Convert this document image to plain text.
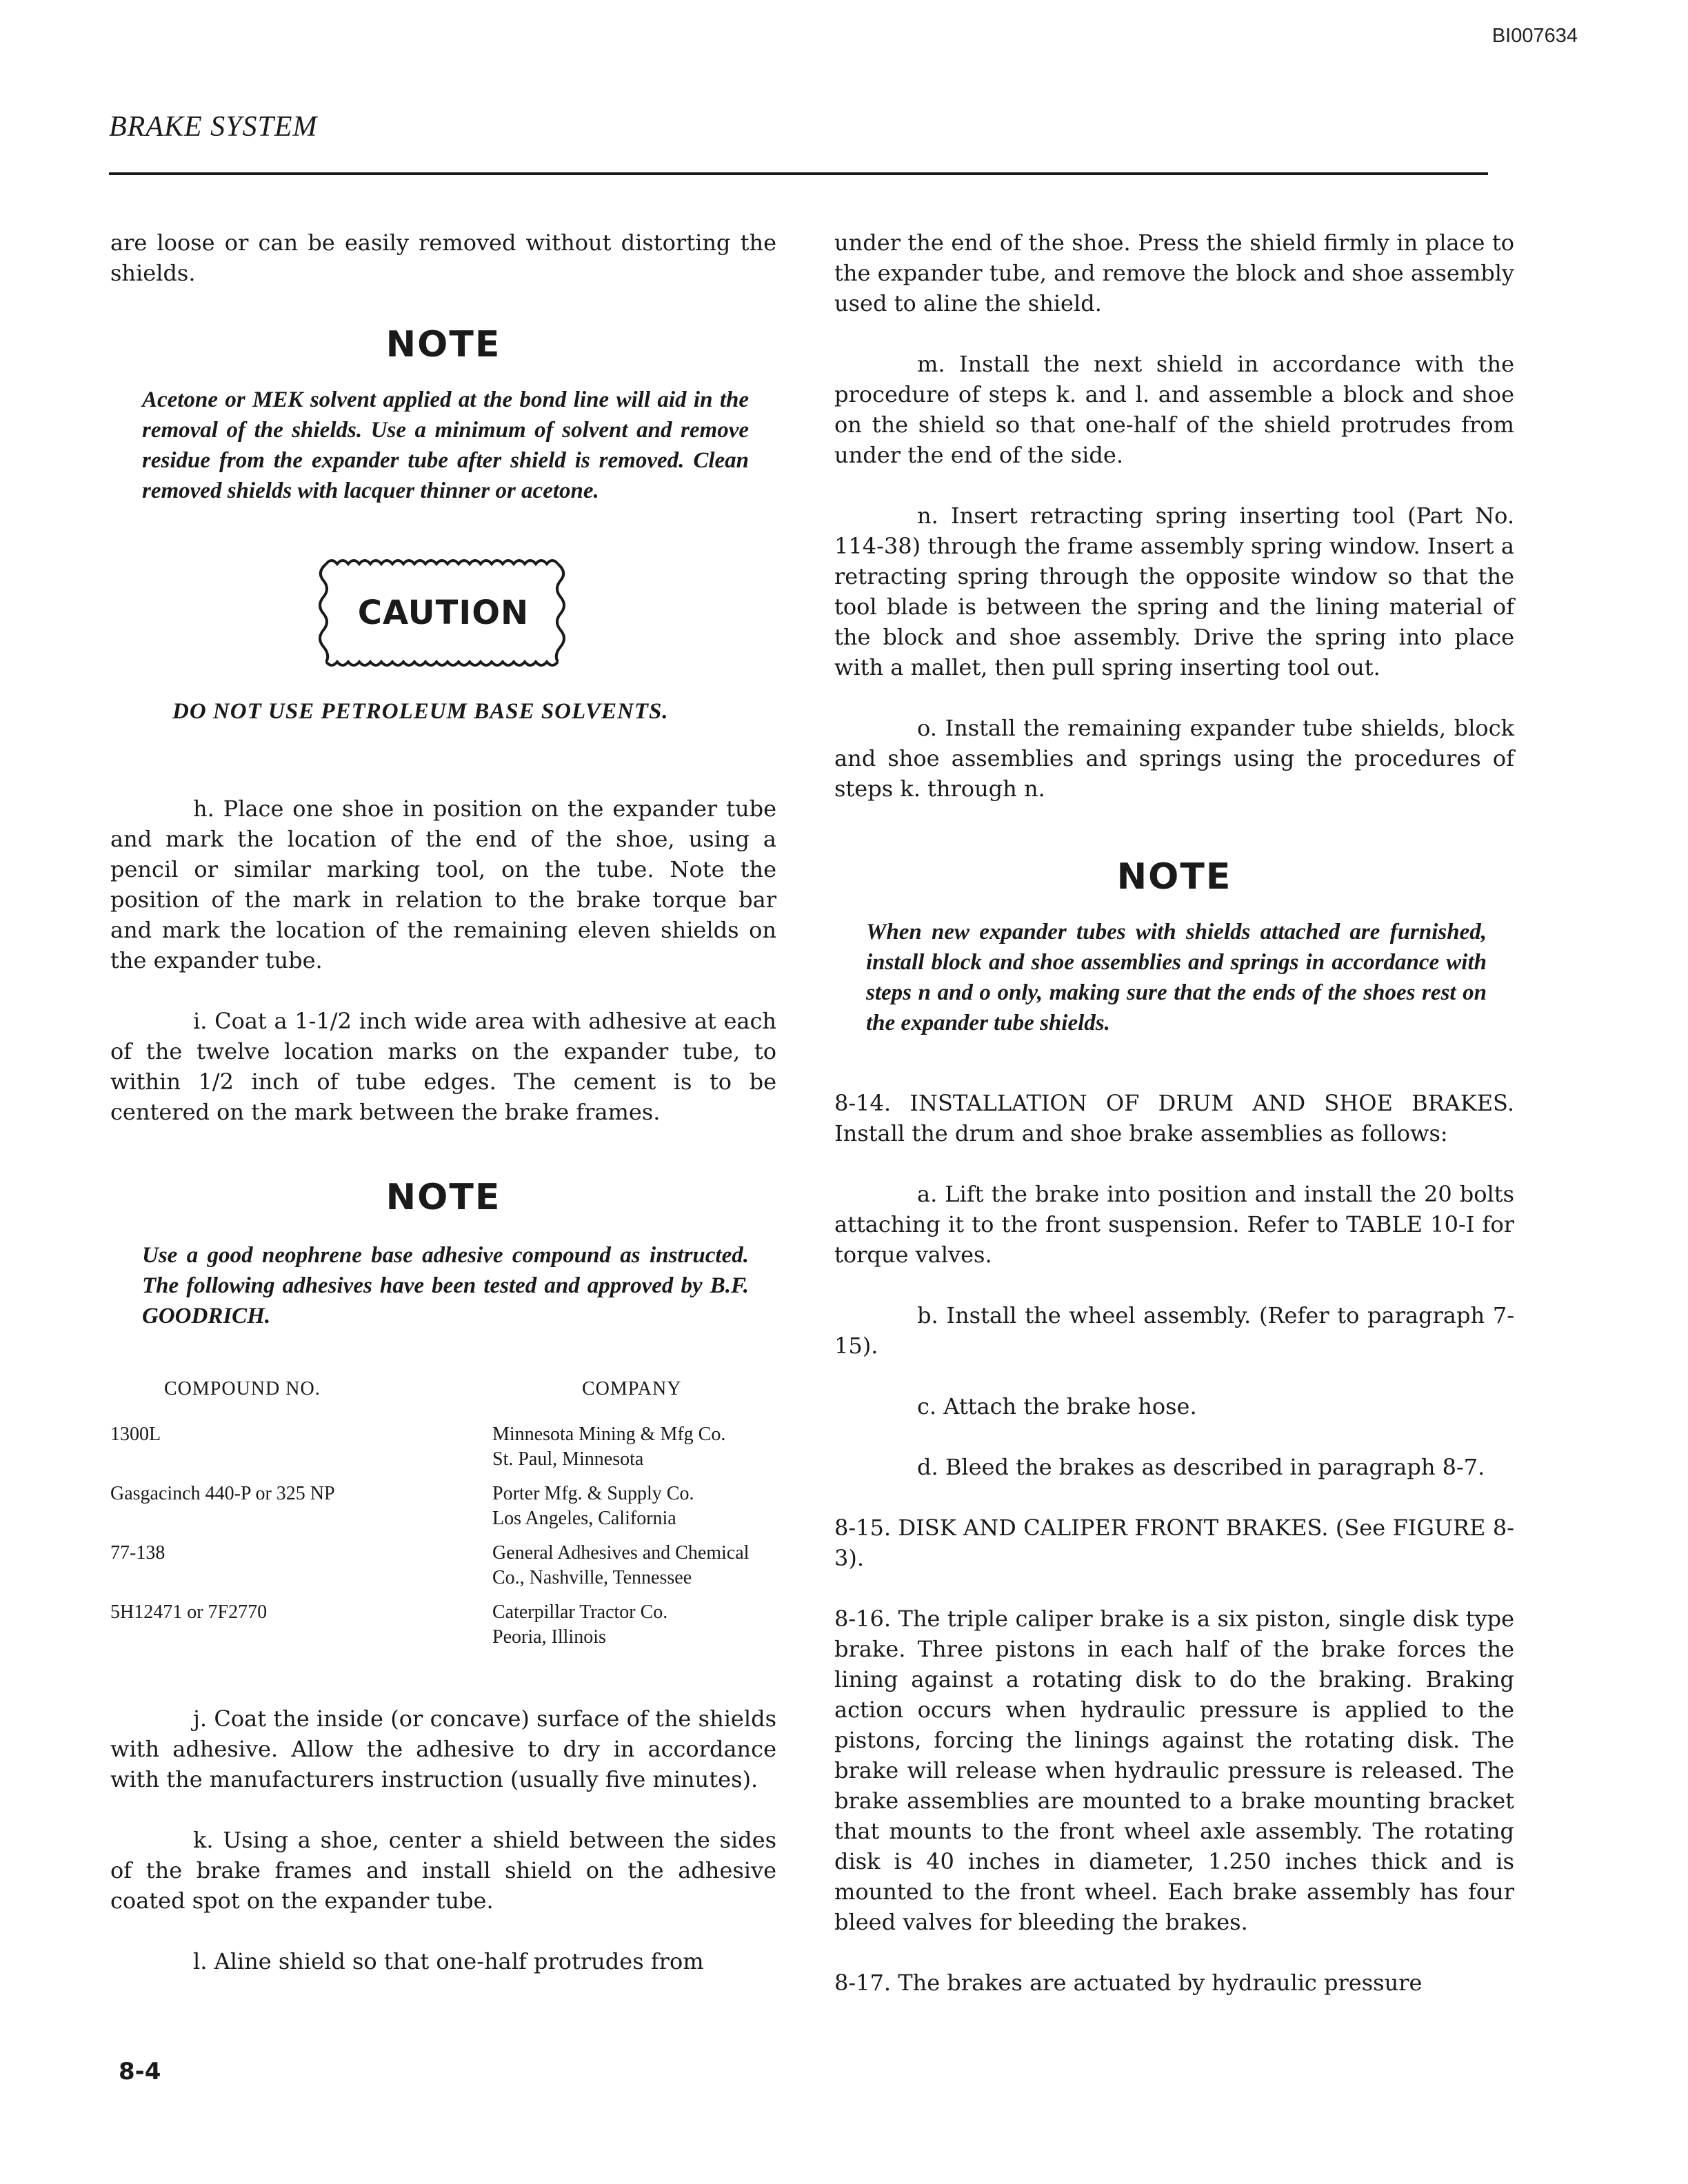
BI007634
BRAKE SYSTEM

are loose or can be easily removed without distorting the shields.

NOTE

Acetone or MEK solvent applied at the bond line will aid in the removal of the shields. Use a minimum of solvent and remove residue from the expander tube after shield is removed. Clean removed shields with lacquer thinner or acetone.

CAUTION
DO NOT USE PETROLEUM BASE SOLVENTS.

h. Place one shoe in position on the expander tube and mark the location of the end of the shoe, using a pencil or similar marking tool, on the tube. Note the position of the mark in relation to the brake torque bar and mark the location of the remaining eleven shields on the expander tube.

i. Coat a 1-1/2 inch wide area with adhesive at each of the twelve location marks on the expander tube, to within 1/2 inch of tube edges. The cement is to be centered on the mark between the brake frames.

NOTE

Use a good neophrene base adhesive compound as instructed. The following adhesives have been tested and approved by B.F. GOODRICH.

COMPOUND NO.	COMPANY
1300L	Minnesota Mining & Mfg Co.
St. Paul, Minnesota

Gasgacinch 440-P or 325 NP	Porter Mfg. & Supply Co.
Los Angeles, California

77-138	General Adhesives and Chemical
Co., Nashville, Tennessee

5H12471 or 7F2770	Caterpillar Tractor Co.
Peoria, Illinois

j. Coat the inside (or concave) surface of the shields with adhesive. Allow the adhesive to dry in accordance with the manufacturers instruction (usually five minutes).

k. Using a shoe, center a shield between the sides of the brake frames and install shield on the adhesive coated spot on the expander tube.

l. Aline shield so that one-half protrudes from

under the end of the shoe. Press the shield firmly in place to the expander tube, and remove the block and shoe assembly used to aline the shield.

m. Install the next shield in accordance with the procedure of steps k. and l. and assemble a block and shoe on the shield so that one-half of the shield protrudes from under the end of the side.

n. Insert retracting spring inserting tool (Part No. 114-38) through the frame assembly spring window. Insert a retracting spring through the opposite window so that the tool blade is between the spring and the lining material of the block and shoe assembly. Drive the spring into place with a mallet, then pull spring inserting tool out.

o. Install the remaining expander tube shields, block and shoe assemblies and springs using the procedures of steps k. through n.

NOTE

When new expander tubes with shields attached are furnished, install block and shoe assemblies and springs in accordance with steps n and o only, making sure that the ends of the shoes rest on the expander tube shields.

8-14. INSTALLATION OF DRUM AND SHOE BRAKES. Install the drum and shoe brake assemblies as follows:

a. Lift the brake into position and install the 20 bolts attaching it to the front suspension. Refer to TABLE 10-I for torque valves.

b. Install the wheel assembly. (Refer to paragraph 7-15).

c. Attach the brake hose.

d. Bleed the brakes as described in paragraph 8-7.

8-15. DISK AND CALIPER FRONT BRAKES. (See FIGURE 8-3).

8-16. The triple caliper brake is a six piston, single disk type brake. Three pistons in each half of the brake forces the lining against a rotating disk to do the braking. Braking action occurs when hydraulic pressure is applied to the pistons, forcing the linings against the rotating disk. The brake will release when hydraulic pressure is released. The brake assemblies are mounted to a brake mounting bracket that mounts to the front wheel axle assembly. The rotating disk is 40 inches in diameter, 1.250 inches thick and is mounted to the front wheel. Each brake assembly has four bleed valves for bleeding the brakes.

8-17. The brakes are actuated by hydraulic pressure

8-4
